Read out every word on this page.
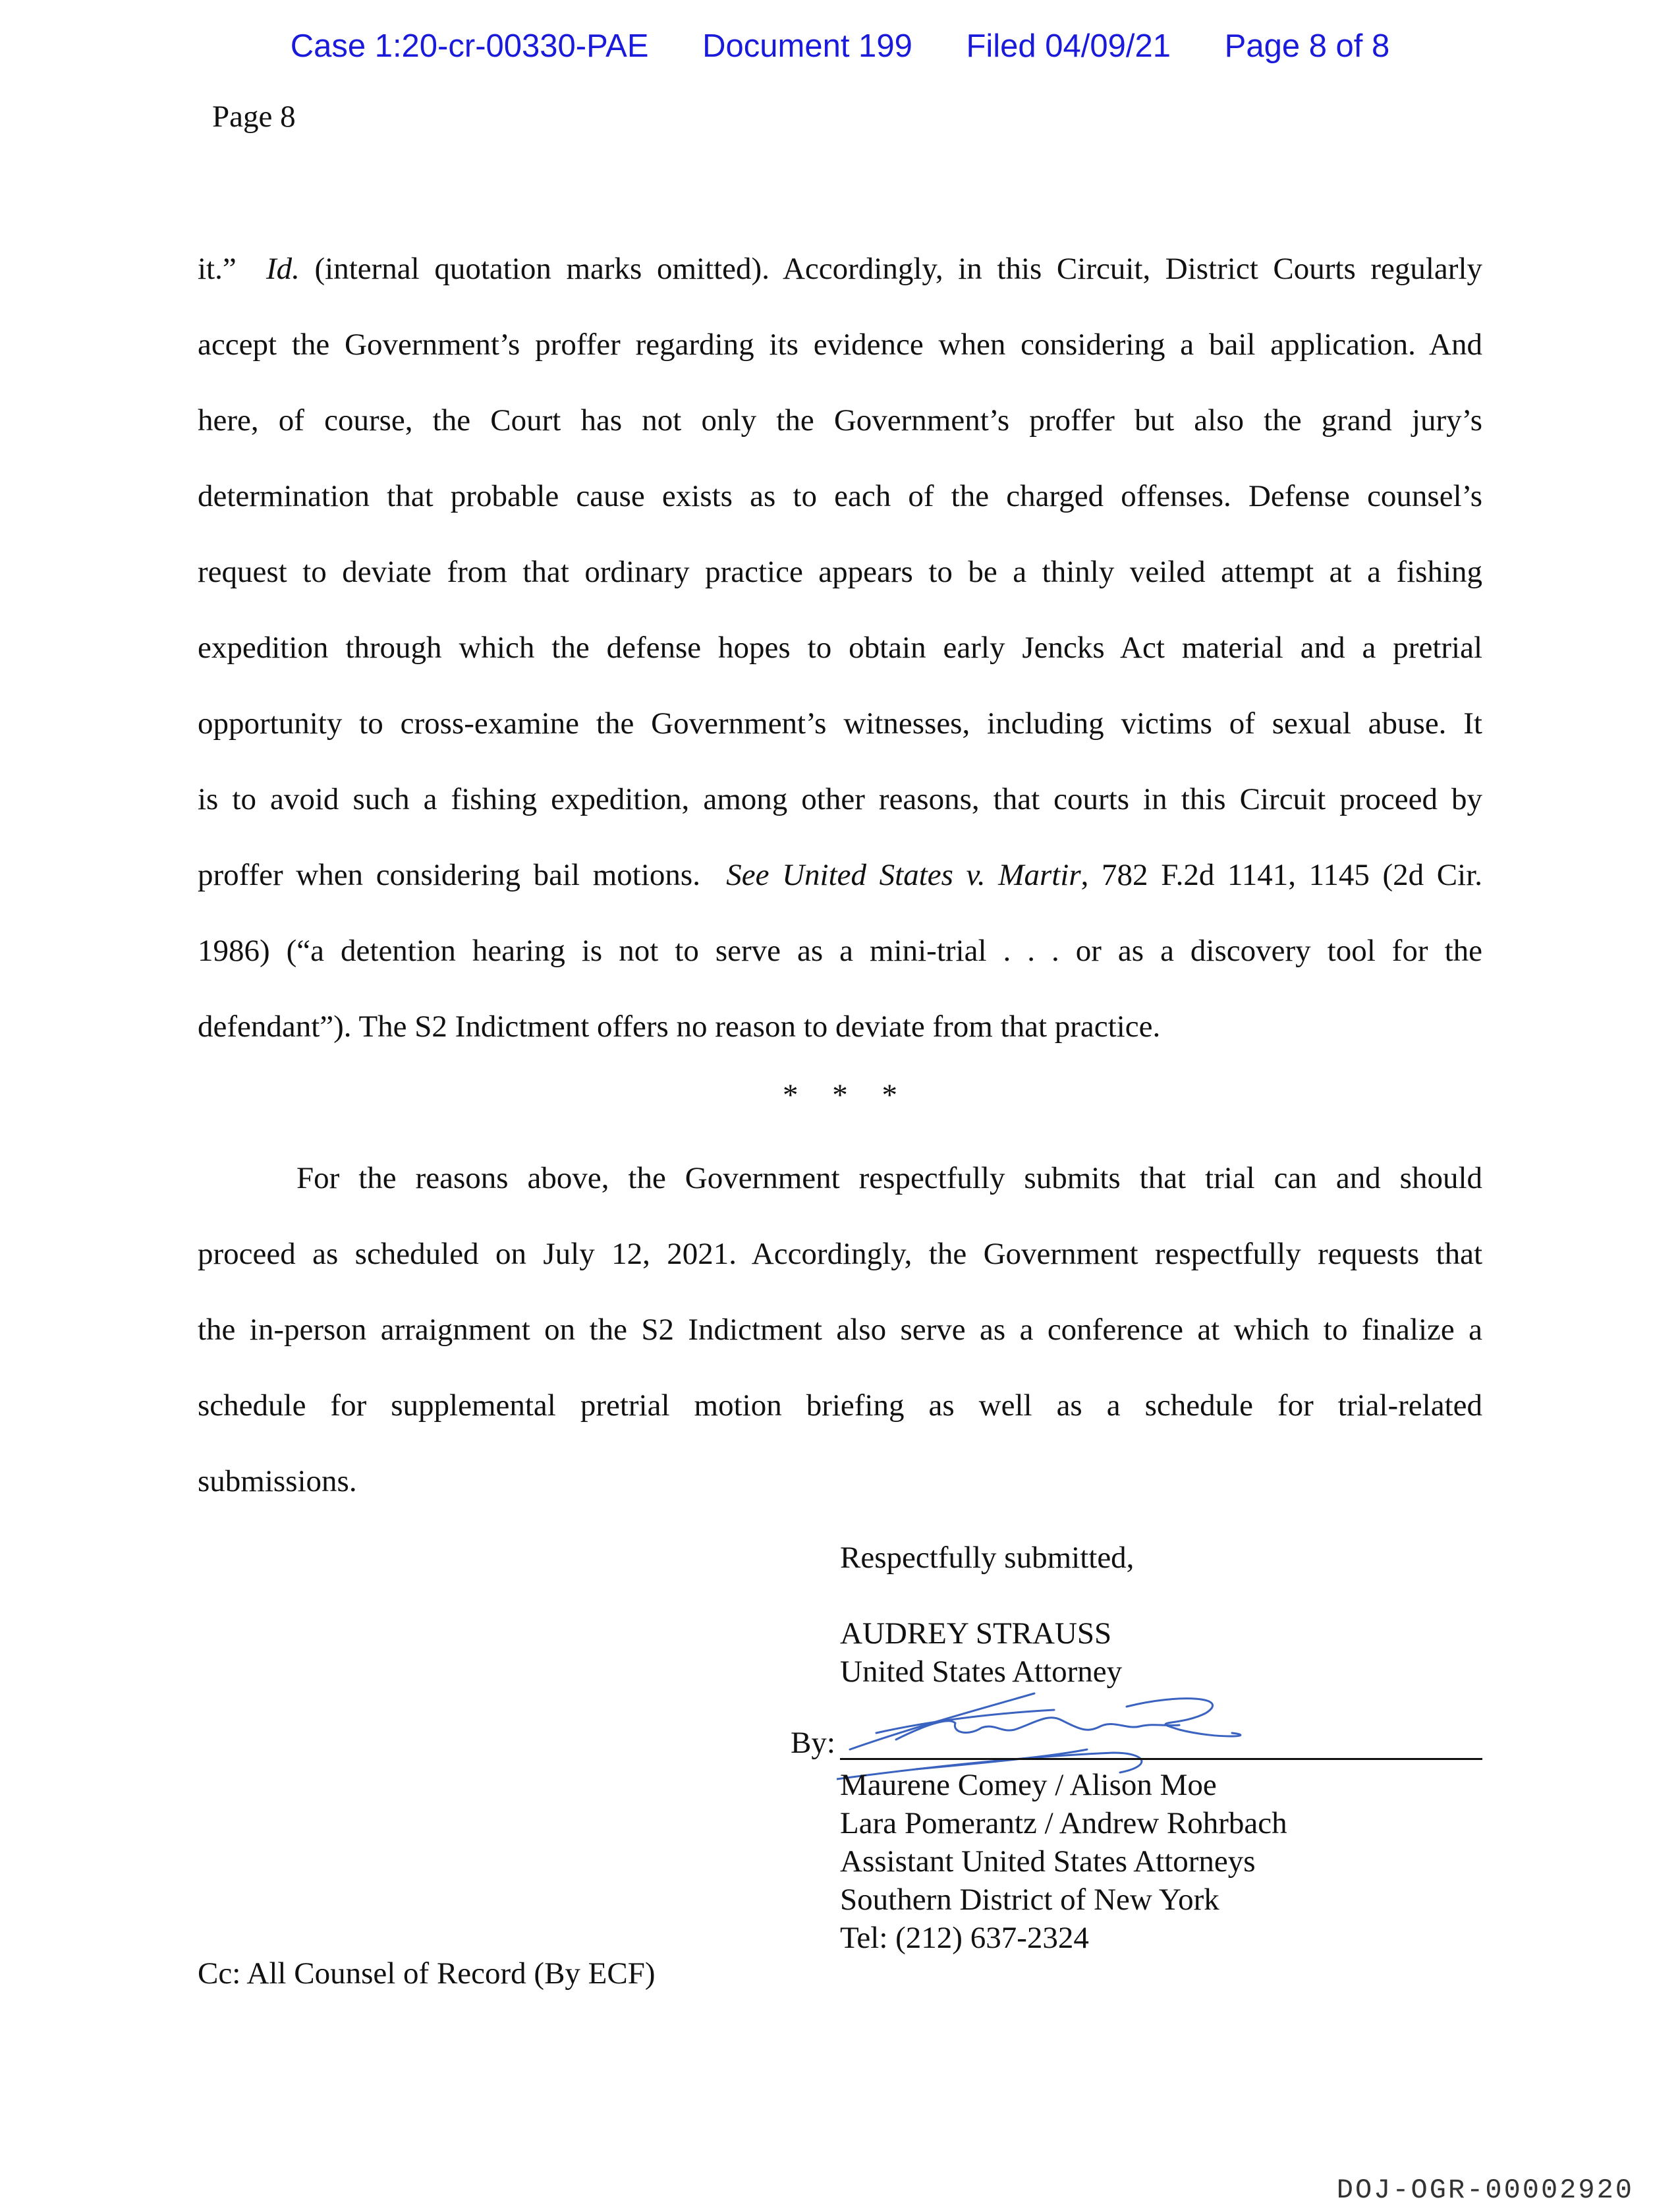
Case 1:20-cr-00330-PAE Document 199 Filed 04/09/21 Page 8 of 8
Page 8
it.” Id. (internal quotation marks omitted). Accordingly, in this Circuit, District Courts regularly
accept the Government’s proffer regarding its evidence when considering a bail application. And
here, of course, the Court has not only the Government’s proffer but also the grand jury’s
determination that probable cause exists as to each of the charged offenses. Defense counsel’s
request to deviate from that ordinary practice appears to be a thinly veiled attempt at a fishing
expedition through which the defense hopes to obtain early Jencks Act material and a pretrial
opportunity to cross-examine the Government’s witnesses, including victims of sexual abuse. It
is to avoid such a fishing expedition, among other reasons, that courts in this Circuit proceed by
proffer when considering bail motions. See United States v. Martir, 782 F.2d 1141, 1145 (2d Cir.
1986) (“a detention hearing is not to serve as a mini-trial . . . or as a discovery tool for the
defendant”). The S2 Indictment offers no reason to deviate from that practice.
* * *
For the reasons above, the Government respectfully submits that trial can and should
proceed as scheduled on July 12, 2021. Accordingly, the Government respectfully requests that
the in-person arraignment on the S2 Indictment also serve as a conference at which to finalize a
schedule for supplemental pretrial motion briefing as well as a schedule for trial-related
submissions.
Respectfully submitted,
AUDREY STRAUSS
United States Attorney
By:
Maurene Comey / Alison Moe
Lara Pomerantz / Andrew Rohrbach
Assistant United States Attorneys
Southern District of New York
Tel: (212) 637-2324
Cc: All Counsel of Record (By ECF)
DOJ-OGR-00002920
